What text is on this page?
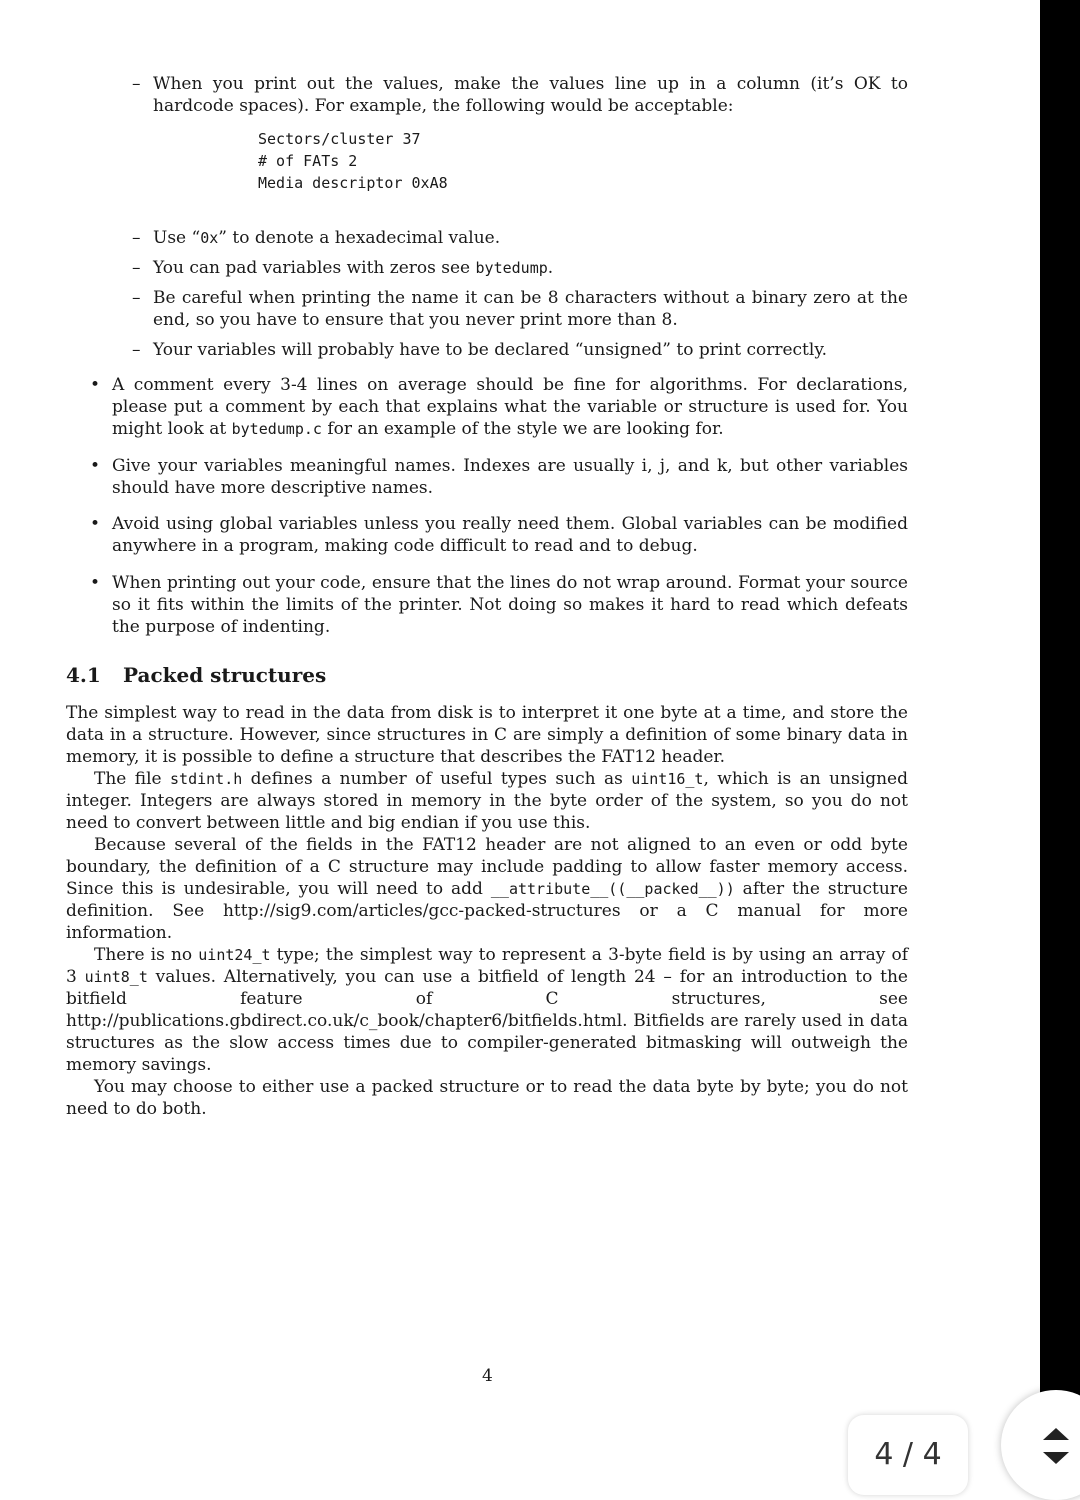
– When you print out the values, make the values line up in a column (it’s OK to hardcode spaces). For example, the following would be acceptable:
Sectors/cluster 37
# of FATs 2
Media descriptor 0xA8
– Use “0x” to denote a hexadecimal value.
– You can pad variables with zeros see bytedump.
– Be careful when printing the name it can be 8 characters without a binary zero at the end, so you have to ensure that you never print more than 8.
– Your variables will probably have to be declared “unsigned” to print correctly.
• A comment every 3-4 lines on average should be fine for algorithms. For declarations, please put a comment by each that explains what the variable or structure is used for. You might look at bytedump.c for an example of the style we are looking for.
• Give your variables meaningful names. Indexes are usually i, j, and k, but other variables should have more descriptive names.
• Avoid using global variables unless you really need them. Global variables can be modified anywhere in a program, making code difficult to read and to debug.
• When printing out your code, ensure that the lines do not wrap around. Format your source so it fits within the limits of the printer. Not doing so makes it hard to read which defeats the purpose of indenting.
4.1 Packed structures

The simplest way to read in the data from disk is to interpret it one byte at a time, and store the data in a structure. However, since structures in C are simply a definition of some binary data in memory, it is possible to define a structure that describes the FAT12 header.

The file stdint.h defines a number of useful types such as uint16_t, which is an unsigned integer. Integers are always stored in memory in the byte order of the system, so you do not need to convert between little and big endian if you use this.

Because several of the fields in the FAT12 header are not aligned to an even or odd byte boundary, the definition of a C structure may include padding to allow faster memory access. Since this is undesirable, you will need to add __attribute__((__packed__)) after the structure definition. See http://sig9.com/articles/gcc-packed-structures or a C manual for more information.

There is no uint24_t type; the simplest way to represent a 3-byte field is by using an array of 3 uint8_t values. Alternatively, you can use a bitfield of length 24 – for an introduction to the bitfield feature of C structures, see http://publications.gbdirect.co.uk/c_book/chapter6/bitfields.html. Bitfields are rarely used in data structures as the slow access times due to compiler-generated bitmasking will outweigh the memory savings.

You may choose to either use a packed structure or to read the data byte by byte; you do not need to do both.

4
4 / 4
